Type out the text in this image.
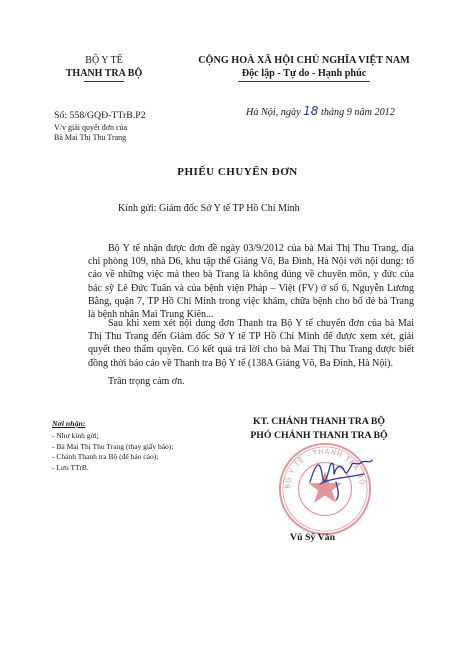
BỘ Y TẾ
THANH TRA BỘ
CỘNG HOÀ XÃ HỘI CHỦ NGHĨA VIỆT NAM
Độc lập - Tự do - Hạnh phúc
Số: 558/GQĐ-TTrB.P2
V/v giải quyết đơn của
Bà Mai Thị Thu Trang
Hà Nội, ngày 18 tháng 9 năm 2012
PHIẾU CHUYỂN ĐƠN
Kính gửi: Giám đốc Sở Y tế TP Hồ Chí Minh
Bộ Y tế nhận được đơn đề ngày 03/9/2012 của bà Mai Thị Thu Trang, địa chỉ phòng 109, nhà D6, khu tập thể Giảng Võ, Ba Đình, Hà Nội với nội dung: tố cáo về những việc mà theo bà Trang là không đúng về chuyên môn, y đức của bác sỹ Lê Đức Tuấn và của bệnh viện Pháp – Việt (FV) ở số 6, Nguyễn Lương Bằng, quận 7, TP Hồ Chí Minh trong việc khám, chữa bệnh cho bố đẻ bà Trang là bệnh nhân Mai Trung Kiên...
Sau khi xem xét nội dung đơn Thanh tra Bộ Y tế chuyển đơn của bà Mai Thị Thu Trang đến Giám đốc Sở Y tế TP Hồ Chí Minh để được xem xét, giải quyết theo thẩm quyền. Có kết quả trả lời cho bà Mai Thị Thu Trang được biết đồng thời báo cáo về Thanh tra Bộ Y tế (138A Giảng Võ, Ba Đình, Hà Nội).
Trân trọng cảm ơn.
Nơi nhận:
- Như kính gửi;
- Bà Mai Thị Thu Trang (thay giấy báo);
- Chánh Thanh tra Bộ (để báo cáo);
- Lưu TTrB.
KT. CHÁNH THANH TRA BỘ
PHÓ CHÁNH THANH TRA BỘ
BỘ Y TẾ · THANH TRA BỘ
Vũ Sỹ Vân
